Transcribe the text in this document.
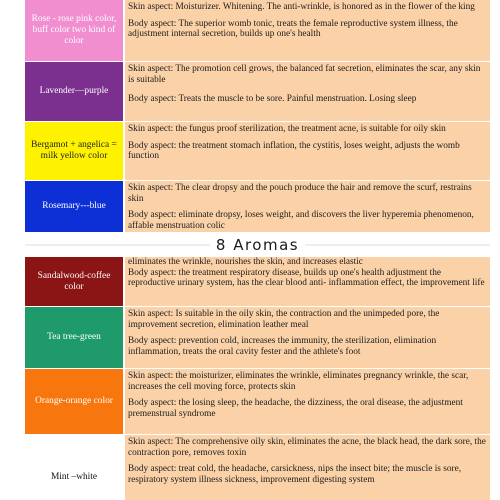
Rose - rose pink color, buff color two kind of color

Skin aspect: Moisturizer. Whitening. The anti-wrinkle, is honored as in the flower of the king

Body aspect: The superior womb tonic, treats the female reproductive system illness, the adjustment internal secretion, builds up one's health

Lavender—purple

Skin aspect: The promotion cell grows, the balanced fat secretion, eliminates the scar, any skin is suitable

Body aspect: Treats the muscle to be sore. Painful menstruation. Losing sleep

Bergamot + angelica = milk yellow color

Skin aspect: the fungus proof sterilization, the treatment acne, is suitable for oily skin

Body aspect: the treatment stomach inflation, the cystitis, loses weight, adjusts the womb function

Rosemary---blue

Skin aspect: The clear dropsy and the pouch produce the hair and remove the scurf, restrains skin

Body aspect: eliminate dropsy, loses weight, and discovers the liver hyperemia phenomenon, affable menstruation colic

Sandalwood-coffee color

eliminates the wrinkle, nourishes the skin, and increases elastic

Body aspect: the treatment respiratory disease, builds up one's health adjustment the reproductive urinary system, has the clear blood anti- inflammation effect, the improvement life

Tea tree-green

Skin aspect: Is suitable in the oily skin, the contraction and the unimpeded pore, the improvement secretion, elimination leather meal

Body aspect: prevention cold, increases the immunity, the sterilization, elimination inflammation, treats the oral cavity fester and the athlete's foot

Orange-orange color

Skin aspect: the moisturizer, eliminates the wrinkle, eliminates pregnancy wrinkle, the scar, increases the cell moving force, protects skin

Body aspect: the losing sleep, the headache, the dizziness, the oral disease, the adjustment premenstrual syndrome

Mint –white

Skin aspect: The comprehensive oily skin, eliminates the acne, the black head, the dark sore, the contraction pore, removes toxin

Body aspect: treat cold, the headache, carsickness, nips the insect bite; the muscle is sore, respiratory system illness sickness, improvement digesting system

8 Aromas
